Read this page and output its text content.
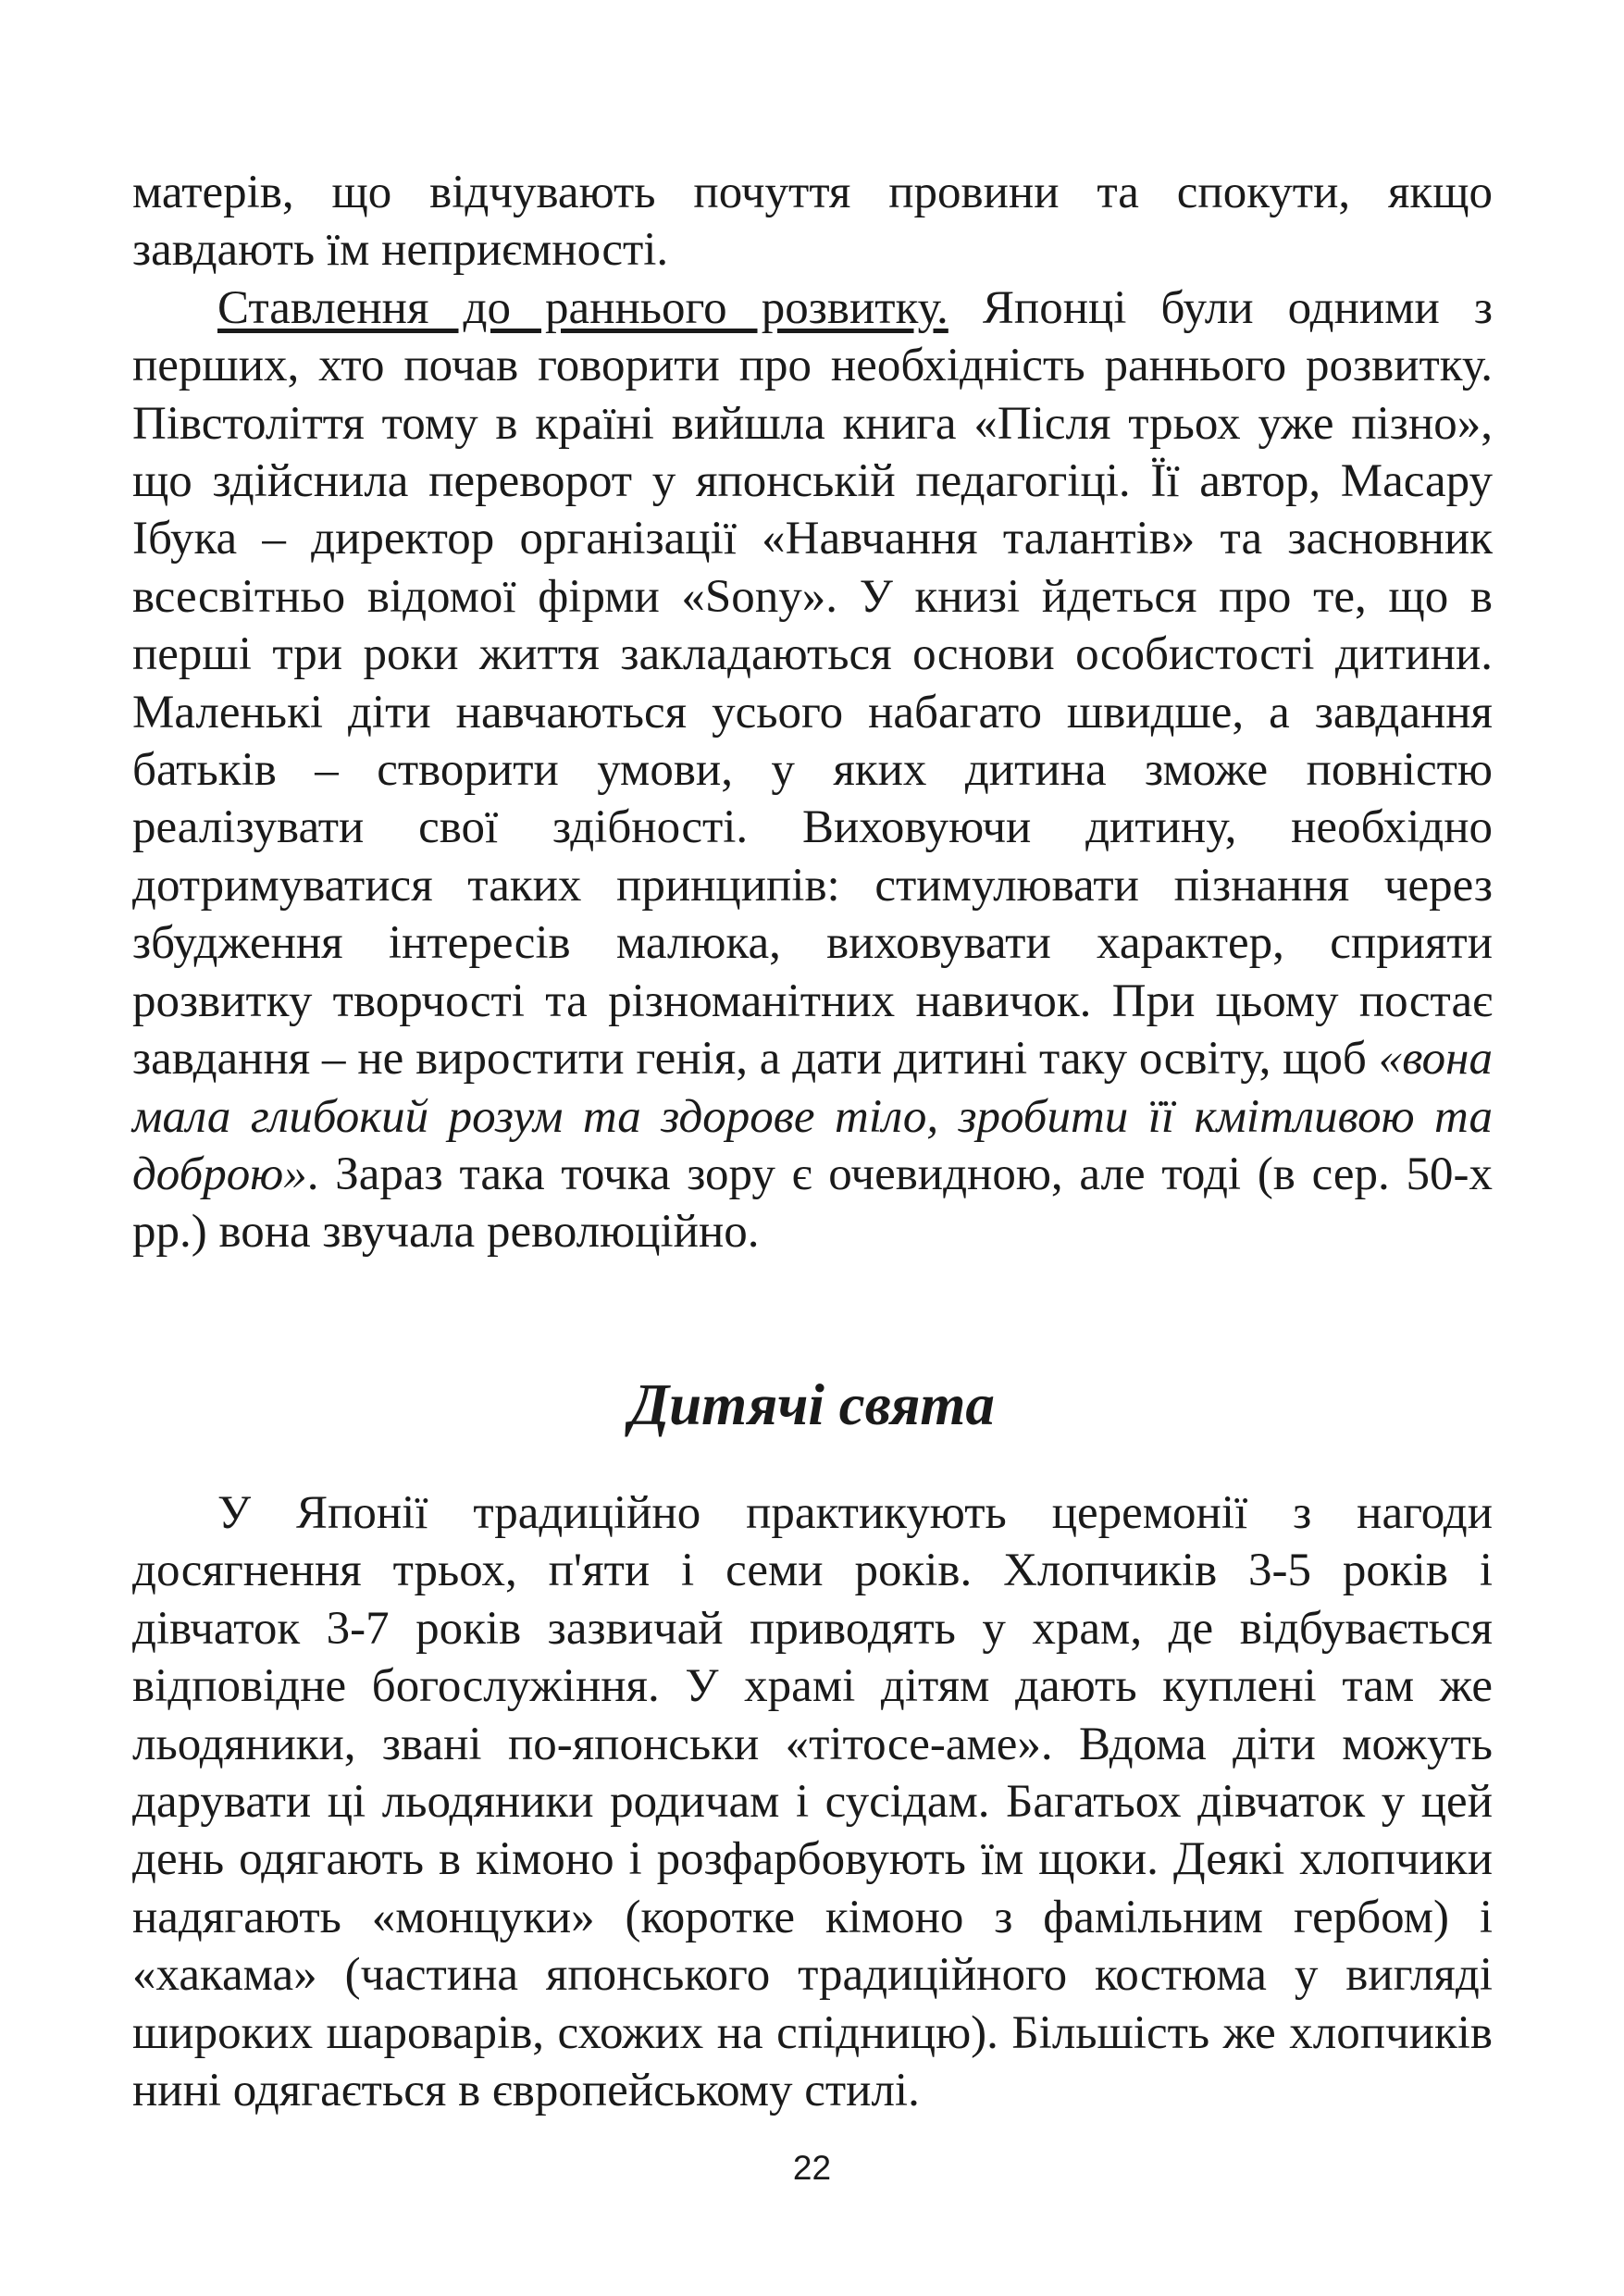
матерів, що відчувають почуття провини та спокути, якщо завдають їм неприємності.

Ставлення до раннього розвитку. Японці були одними з перших, хто почав говорити про необхідність раннього розвитку. Півстоліття тому в країні вийшла книга «Після трьох уже пізно», що здійснила переворот у японській педагогіці. Її автор, Масару Ібука – директор організації «Навчання талантів» та засновник всесвітньо відомої фірми «Sony». У книзі йдеться про те, що в перші три роки життя закладаються основи особистості дитини. Маленькі діти навчаються усього набагато швидше, а завдання батьків – створити умови, у яких дитина зможе повністю реалізувати свої здібності. Виховуючи дитину, необхідно дотримуватися таких принципів: стимулювати пізнання через збудження інтересів малюка, виховувати характер, сприяти розвитку творчості та різноманітних навичок. При цьому постає завдання – не виростити генія, а дати дитині таку освіту, щоб «вона мала глибокий розум та здорове тіло, зробити її кмітливою та доброю». Зараз така точка зору є очевидною, але тоді (в сер. 50-х рр.) вона звучала революційно.

Дитячі свята

У Японії традиційно практикують церемонії з нагоди досягнення трьох, п'яти і семи років. Хлопчиків 3-5 років і дівчаток 3-7 років зазвичай приводять у храм, де відбувається відповідне богослужіння. У храмі дітям дають куплені там же льодяники, звані по-японськи «тітосе-аме». Вдома діти можуть дарувати ці льодяники родичам і сусідам. Багатьох дівчаток у цей день одягають в кімоно і розфарбовують їм щоки. Деякі хлопчики надягають «монцуки» (коротке кімоно з фамільним гербом) і «хакама» (частина японського традиційного костюма у вигляді широких шароварів, схожих на спідницю). Більшість же хлопчиків нині одягається в європейському стилі.

22
